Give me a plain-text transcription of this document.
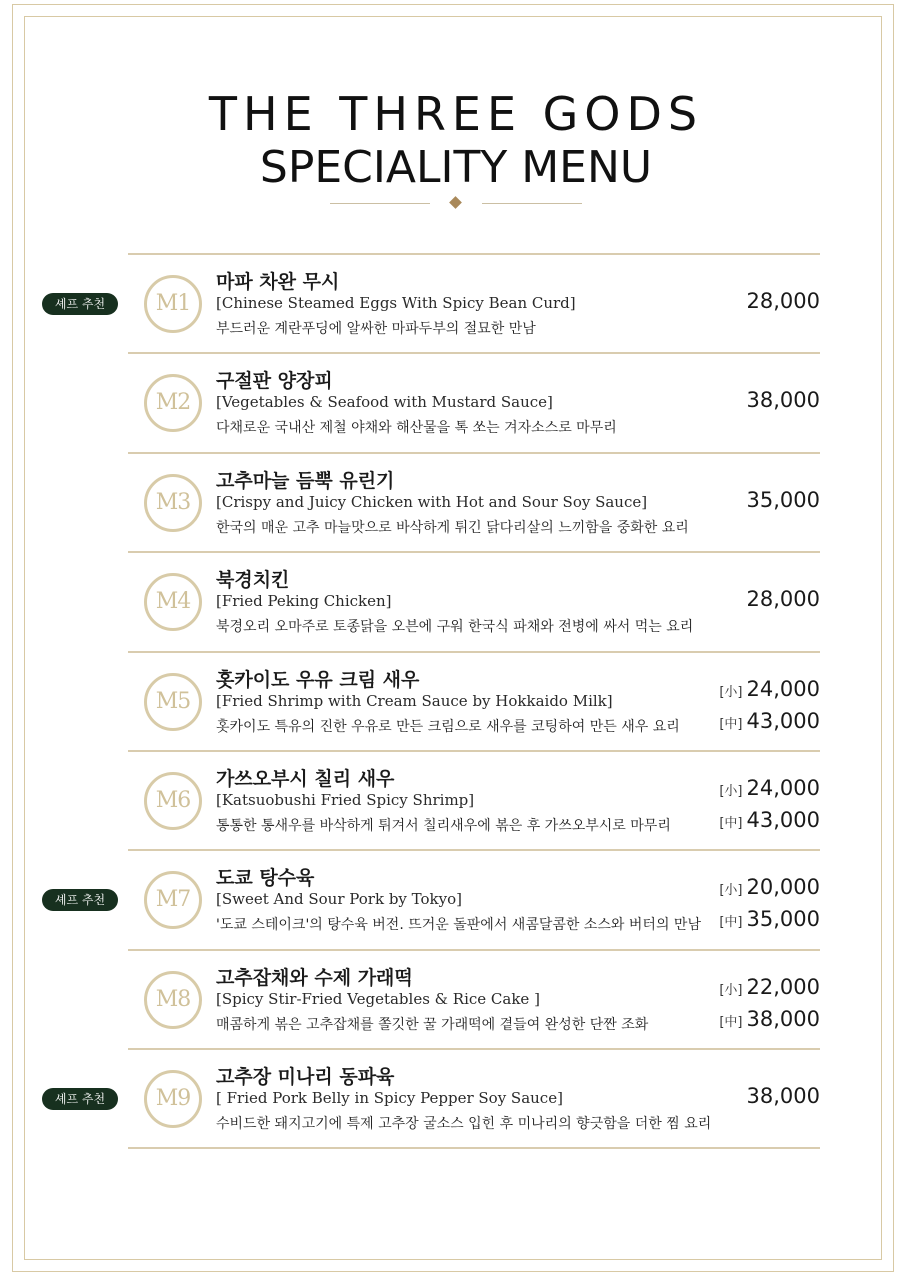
THE THREE GODS
SPECIALITY MENU
셰프 추천	M1
마파 차완 무시
[Chinese Steamed Eggs With Spicy Bean Curd]
부드러운 계란푸딩에 알싸한 마파두부의 절묘한 만남
28,000
M2
구절판 양장피
[Vegetables & Seafood with Mustard Sauce]
다채로운 국내산 제철 야채와 해산물을 톡 쏘는 겨자소스로 마무리
38,000
M3
고추마늘 듬뿍 유린기
[Crispy and Juicy Chicken with Hot and Sour Soy Sauce]
한국의 매운 고추 마늘맛으로 바삭하게 튀긴 닭다리살의 느끼함을 중화한 요리
35,000
M4
북경치킨
[Fried Peking Chicken]
북경오리 오마주로 토종닭을 오븐에 구워 한국식 파채와 전병에 싸서 먹는 요리
28,000
M5
홋카이도 우유 크림 새우
[Fried Shrimp with Cream Sauce by Hokkaido Milk]
홋카이도 특유의 진한 우유로 만든 크림으로 새우를 코팅하여 만든 새우 요리
[小] 24,000
[中] 43,000
M6
가쓰오부시 칠리 새우
[Katsuobushi Fried Spicy Shrimp]
통통한 통새우를 바삭하게 튀겨서 칠리새우에 볶은 후 가쓰오부시로 마무리
[小] 24,000
[中] 43,000
셰프 추천	M7
도쿄 탕수육
[Sweet And Sour Pork by Tokyo]
'도쿄 스테이크'의 탕수육 버전. 뜨거운 돌판에서 새콤달콤한 소스와 버터의 만남
[小] 20,000
[中] 35,000
M8
고추잡채와 수제 가래떡
[Spicy Stir-Fried Vegetables & Rice Cake ]
매콤하게 볶은 고추잡채를 쫄깃한 꿀 가래떡에 곁들여 완성한 단짠 조화
[小] 22,000
[中] 38,000
셰프 추천	M9
고추장 미나리 동파육
[ Fried Pork Belly in Spicy Pepper Soy Sauce]
수비드한 돼지고기에 특제 고추장 굴소스 입힌 후 미나리의 향긋함을 더한 찜 요리
38,000
